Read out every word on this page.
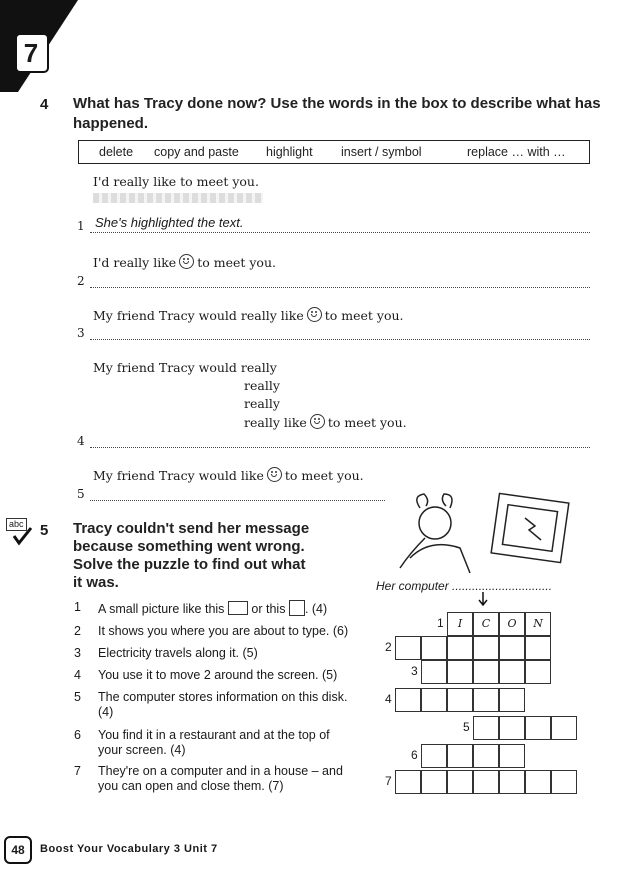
7
4 What has Tracy done now? Use the words in the box to describe what has
happened.
delete copy and paste highlight insert / symbol	replace … with …
I'd really like to meet you.
1 She's highlighted the text.
I'd really like to meet you.
2
My friend Tracy would really like to meet you.
3
My friend Tracy would really
really
really
really like to meet you.
4
My friend Tracy would like to meet you.
5
abc 5 Tracy couldn't send her message
because something went wrong.
Solve the puzzle to find out what
it was.	Her computer ..............................
1	A small picture like this or this . (4)
2	It shows you where you are about to type. (6)
3	Electricity travels along it. (5)
4	You use it to move 2 around the screen. (5)
5	The computer stores information on this disk.
(4)
6	You find it in a restaurant and at the top of
your screen. (4)
7	They're on a computer and in a house – and
you can open and close them. (7)
48	Boost Your Vocabulary 3 Unit 7
1	I	C	O	N
2
3
4
5
6
7
